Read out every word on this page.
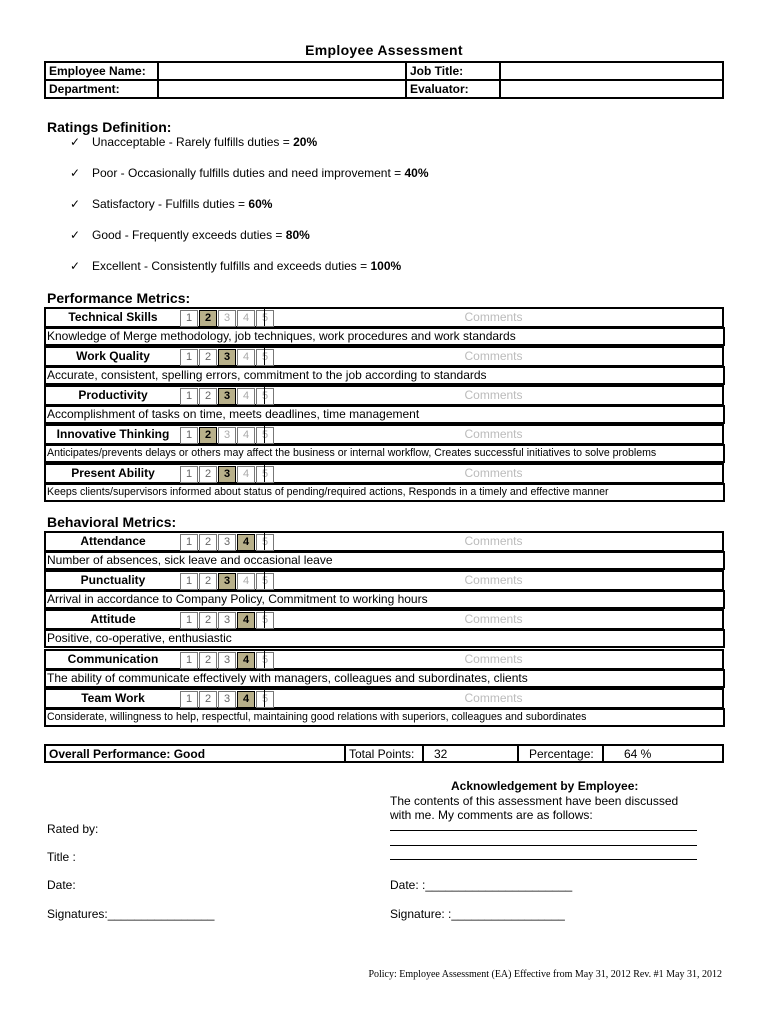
Employee Assessment
Employee Name:		Job Title:	
Department:		Evaluator:	
Ratings Definition:
✓ Unacceptable - Rarely fulfills duties = 20%
✓ Poor - Occasionally fulfills duties and need improvement = 40%
✓ Satisfactory - Fulfills duties = 60%
✓ Good - Frequently exceeds duties = 80%
✓ Excellent - Consistently fulfills and exceeds duties = 100%
Performance Metrics:
Technical Skills	1	2	3	4	5	Comments
Knowledge of Merge methodology, job techniques, work procedures and work standards
Work Quality	1	2	3	4	5	Comments
Accurate, consistent, spelling errors, commitment to the job according to standards
Productivity	1	2	3	4	5	Comments
Accomplishment of tasks on time, meets deadlines, time management
Innovative Thinking	1	2	3	4	5	Comments
Anticipates/prevents delays or others may affect the business or internal workflow, Creates successful initiatives to solve problems
Present Ability	1	2	3	4	5	Comments
Keeps clients/supervisors informed about status of pending/required actions, Responds in a timely and effective manner
Behavioral Metrics:
Attendance	1	2	3	4	5	Comments
Number of absences, sick leave and occasional leave
Punctuality	1	2	3	4	5	Comments
Arrival in accordance to Company Policy, Commitment to working hours
Attitude	1	2	3	4	5	Comments
Positive, co-operative, enthusiastic
Communication	1	2	3	4	5	Comments
The ability of communicate effectively with managers, colleagues and subordinates, clients
Team Work	1	2	3	4	5	Comments
Considerate, willingness to help, respectful, maintaining good relations with superiors, colleagues and subordinates
Overall Performance: Good	Total Points:	32	Percentage:	64 %
Rated by:
Title :
Date:
Signatures:________________
Acknowledgement by Employee:
The contents of this assessment have been discussed
with me. My comments are as follows:
Date: :______________________
Signature: :_________________
Policy: Employee Assessment (EA) Effective from May 31, 2012 Rev. #1 May 31, 2012
